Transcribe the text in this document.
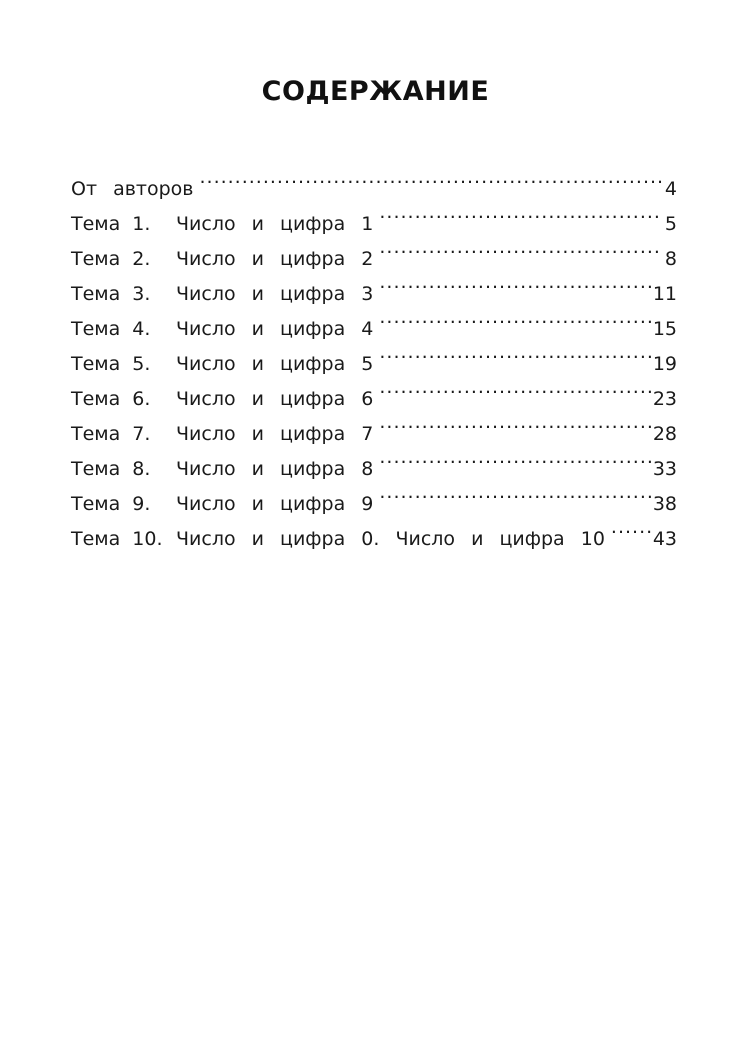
СОДЕРЖАНИЕ
От авторов .....	4
Тема 1.	Число и цифра 1 .....	5
Тема 2.	Число и цифра 2 .....	8
Тема 3.	Число и цифра 3 .....	11
Тема 4.	Число и цифра 4 .....	15
Тема 5.	Число и цифра 5 .....	19
Тема 6.	Число и цифра 6 .....	23
Тема 7.	Число и цифра 7 .....	28
Тема 8.	Число и цифра 8 .....	33
Тема 9.	Число и цифра 9 .....	38
Тема 10. Число и цифра 0. Число и цифра 10 .....	43
